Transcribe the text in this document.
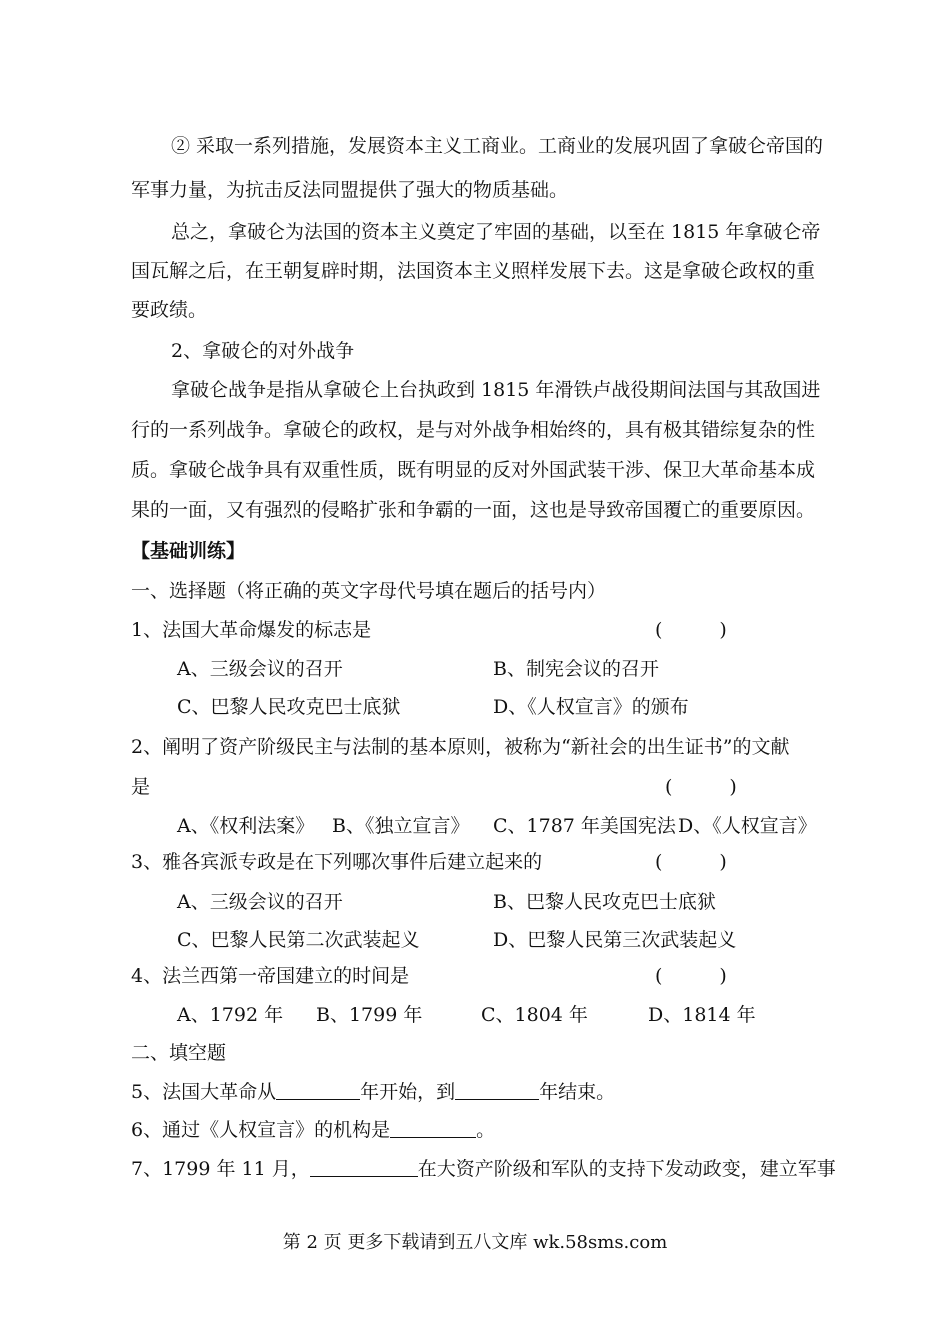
② 采取一系列措施，发展资本主义工商业。工商业的发展巩固了拿破仑帝国的
军事力量，为抗击反法同盟提供了强大的物质基础。
总之，拿破仑为法国的资本主义奠定了牢固的基础，以至在 1815 年拿破仑帝
国瓦解之后，在王朝复辟时期，法国资本主义照样发展下去。这是拿破仑政权的重
要政绩。
2、拿破仑的对外战争
拿破仑战争是指从拿破仑上台执政到 1815 年滑铁卢战役期间法国与其敌国进
行的一系列战争。拿破仑的政权，是与对外战争相始终的，具有极其错综复杂的性
质。拿破仑战争具有双重性质，既有明显的反对外国武装干涉、保卫大革命基本成
果的一面，又有强烈的侵略扩张和争霸的一面，这也是导致帝国覆亡的重要原因。
【基础训练】
一、选择题（将正确的英文字母代号填在题后的括号内）
1、法国大革命爆发的标志是	(　　　)
A、三级会议的召开	B、制宪会议的召开
C、巴黎人民攻克巴士底狱	D、《人权宣言》的颁布
2、阐明了资产阶级民主与法制的基本原则，被称为“新社会的出生证书”的文献
是	(　　　)
A、《权利法案》 B、《独立宣言》 C、1787 年美国宪法 D、《人权宣言》
3、雅各宾派专政是在下列哪次事件后建立起来的	(　　　)
A、三级会议的召开	B、巴黎人民攻克巴士底狱
C、巴黎人民第二次武装起义	D、巴黎人民第三次武装起义
4、法兰西第一帝国建立的时间是	(　　　)
A、1792 年 B、1799 年	C、1804 年	D、1814 年
二、填空题
5、法国大革命从	年开始，到	年结束。
6、通过《人权宣言》的机构是	。
7、1799 年 11 月，	在大资产阶级和军队的支持下发动政变，建立军事
第 2 页 更多下载请到五八文库 wk.58sms.com
